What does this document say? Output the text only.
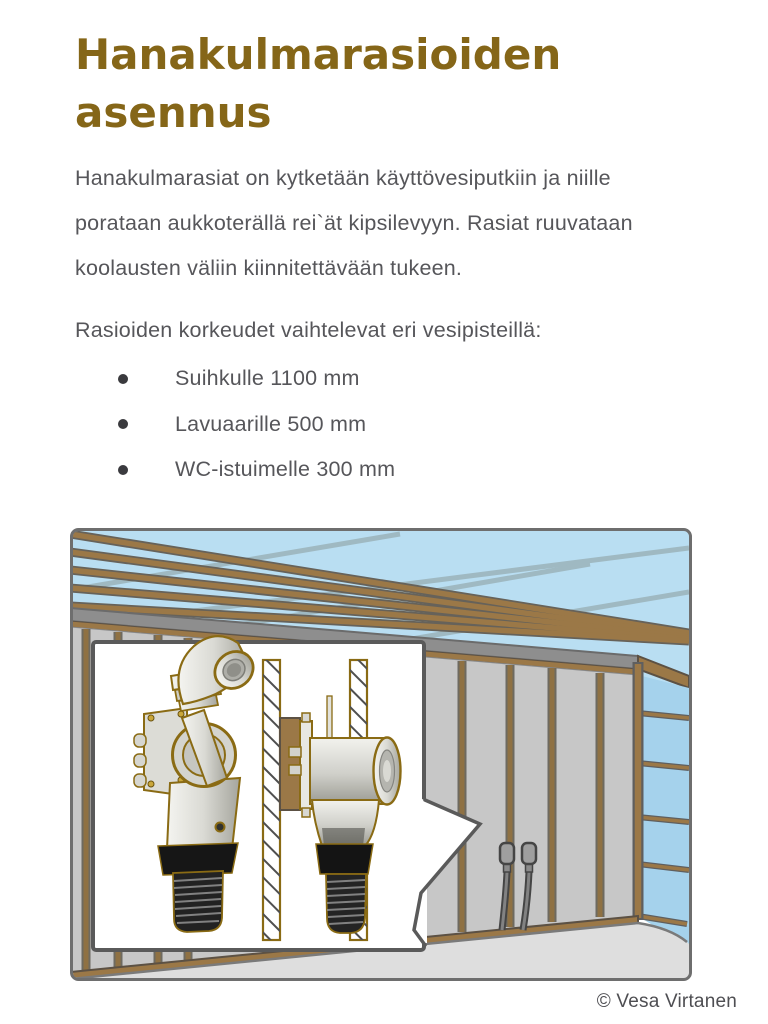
Hanakulmarasioiden asennus
Hanakulmarasiat on kytketään käyttövesiputkiin ja niille porataan aukkoterällä rei`ät kipsilevyyn. Rasiat ruuvataan koolausten väliin kiinnitettävään tukeen.
Rasioiden korkeudet vaihtelevat eri vesipisteillä:
Suihkulle 1100 mm
Lavuaarille 500 mm
WC-istuimelle 300 mm
© Vesa Virtanen
